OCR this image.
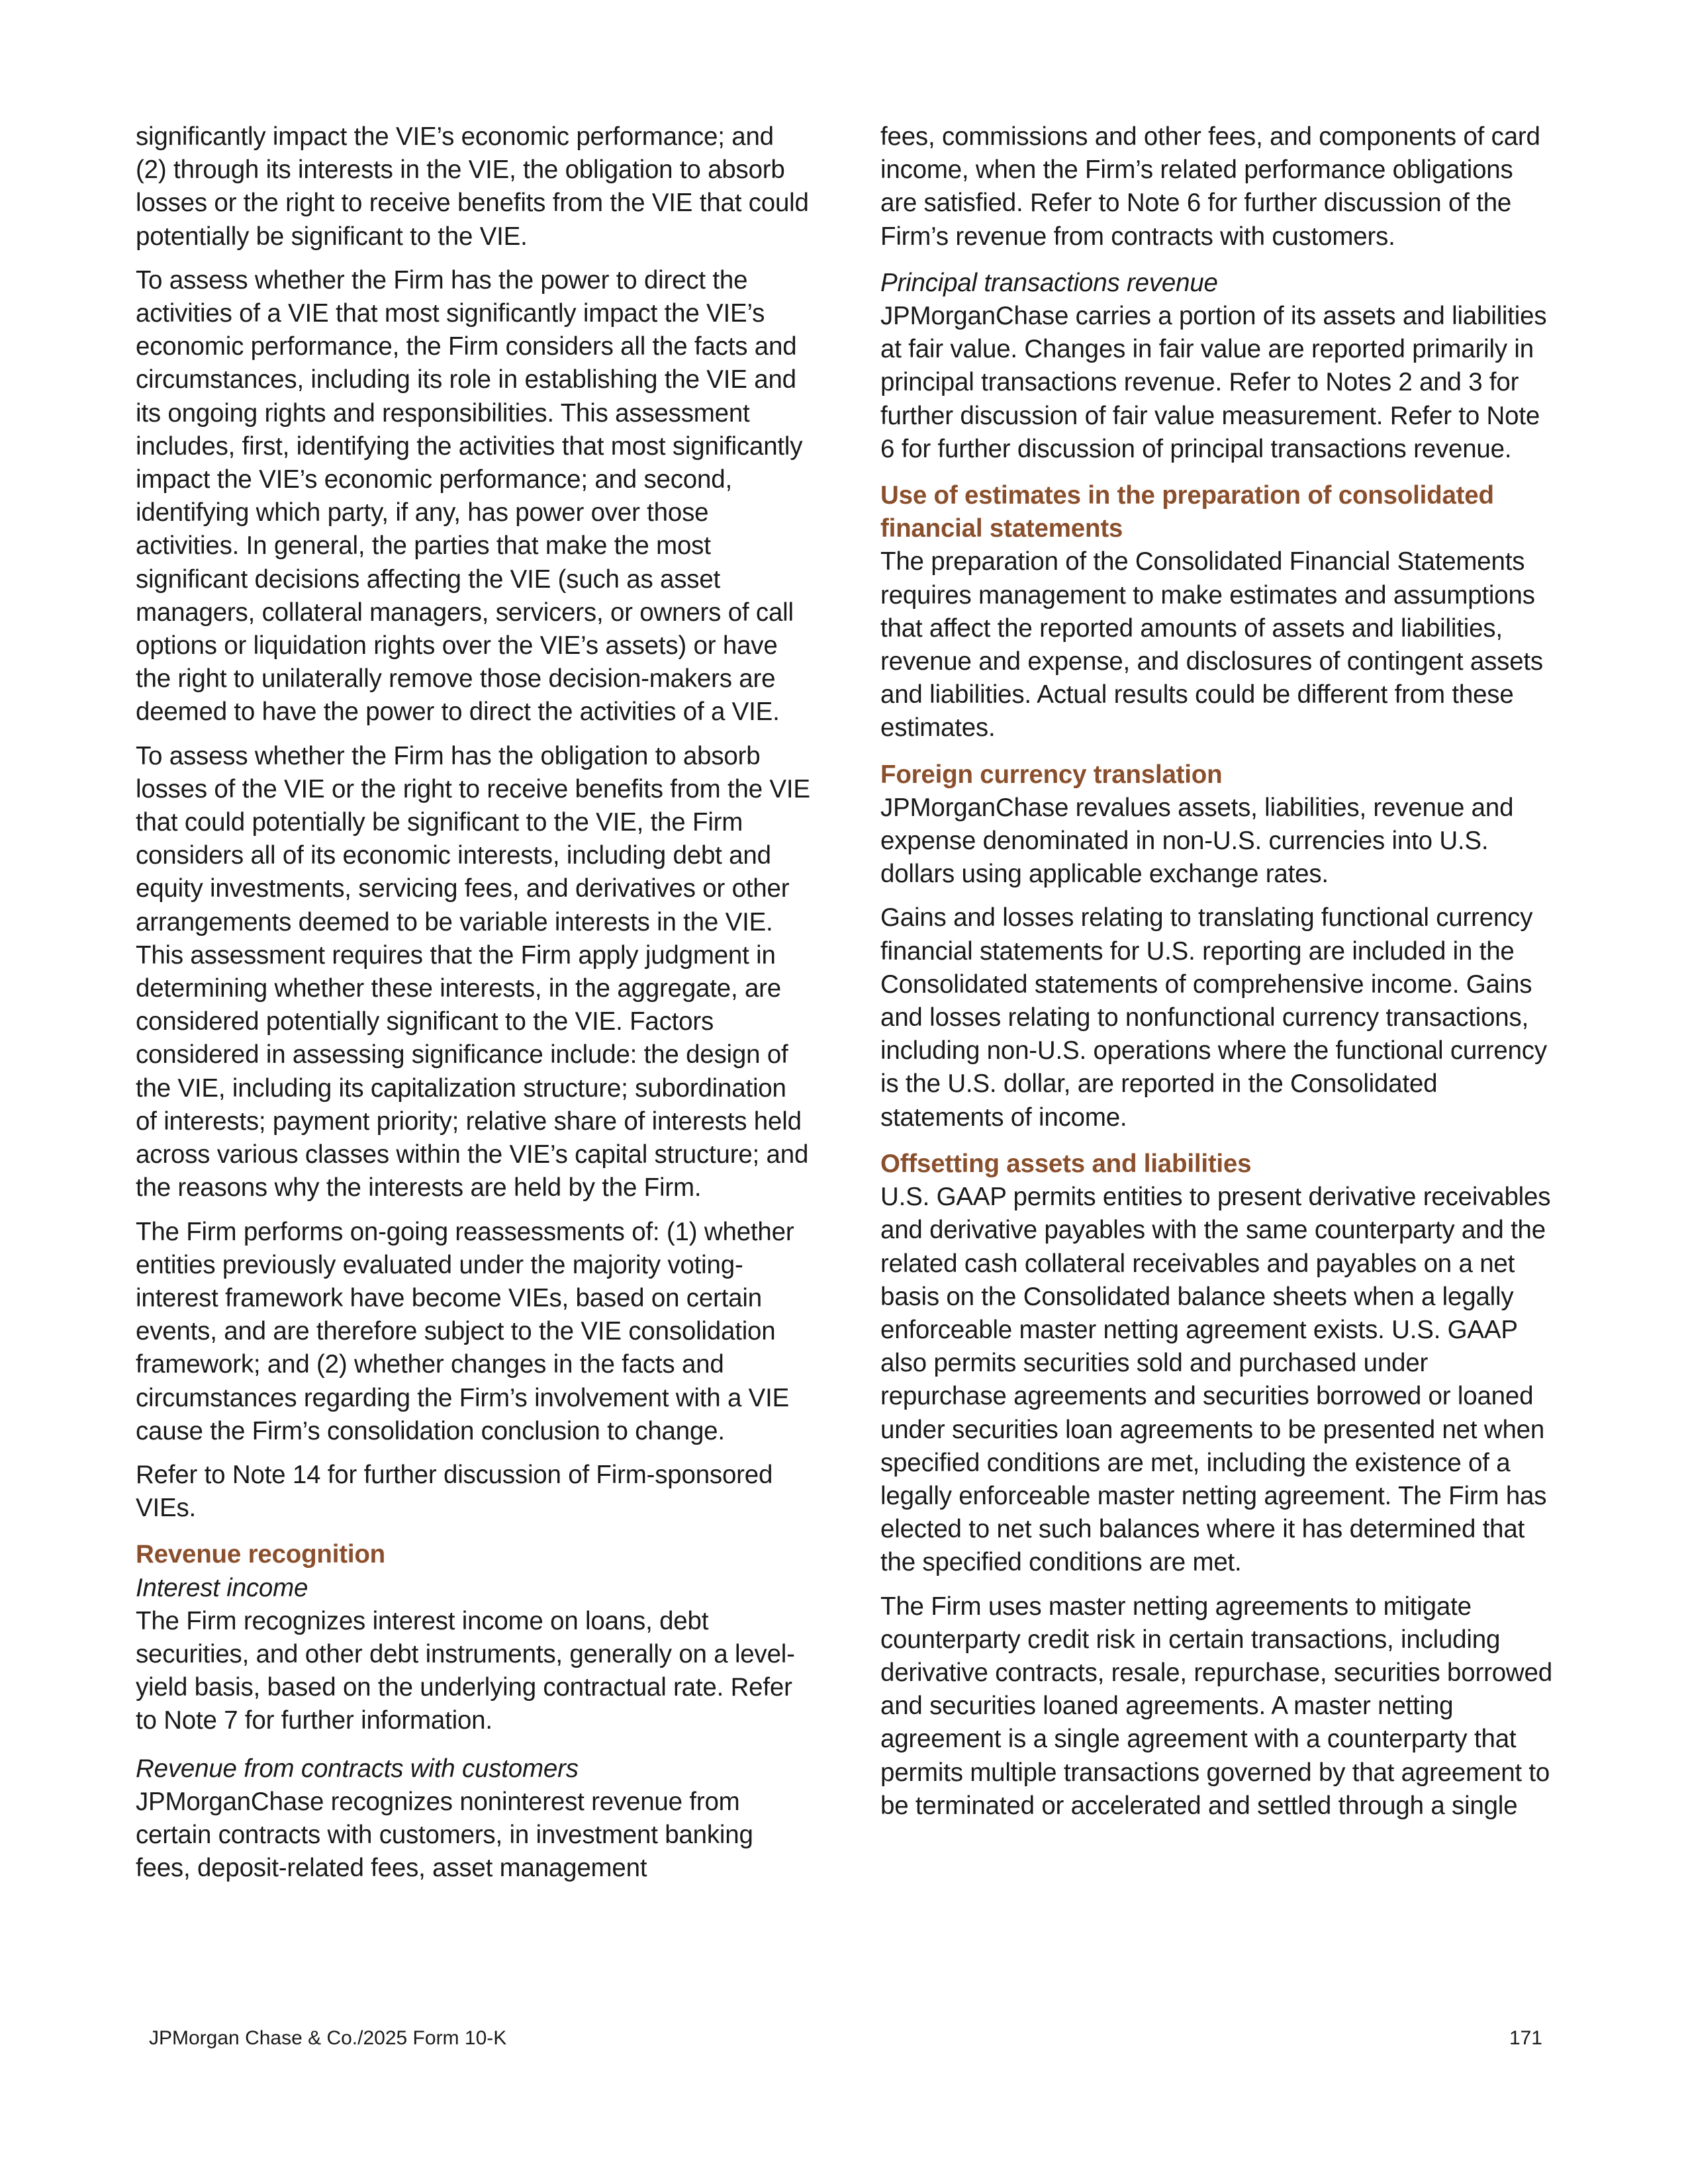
significantly impact the VIE’s economic performance; and (2) through its interests in the VIE, the obligation to absorb losses or the right to receive benefits from the VIE that could potentially be significant to the VIE.

To assess whether the Firm has the power to direct the activities of a VIE that most significantly impact the VIE’s economic performance, the Firm considers all the facts and circumstances, including its role in establishing the VIE and its ongoing rights and responsibilities. This assessment includes, first, identifying the activities that most significantly impact the VIE’s economic performance; and second, identifying which party, if any, has power over those activities. In general, the parties that make the most significant decisions affecting the VIE (such as asset managers, collateral managers, servicers, or owners of call options or liquidation rights over the VIE’s assets) or have the right to unilaterally remove those decision-makers are deemed to have the power to direct the activities of a VIE.

To assess whether the Firm has the obligation to absorb losses of the VIE or the right to receive benefits from the VIE that could potentially be significant to the VIE, the Firm considers all of its economic interests, including debt and equity investments, servicing fees, and derivatives or other arrangements deemed to be variable interests in the VIE. This assessment requires that the Firm apply judgment in determining whether these interests, in the aggregate, are considered potentially significant to the VIE. Factors considered in assessing significance include: the design of the VIE, including its capitalization structure; subordination of interests; payment priority; relative share of interests held across various classes within the VIE’s capital structure; and the reasons why the interests are held by the Firm.

The Firm performs on-going reassessments of: (1) whether entities previously evaluated under the majority voting-interest framework have become VIEs, based on certain events, and are therefore subject to the VIE consolidation framework; and (2) whether changes in the facts and circumstances regarding the Firm’s involvement with a VIE cause the Firm’s consolidation conclusion to change.

Refer to Note 14 for further discussion of Firm-sponsored VIEs.

Revenue recognition

Interest income

The Firm recognizes interest income on loans, debt securities, and other debt instruments, generally on a level-yield basis, based on the underlying contractual rate. Refer to Note 7 for further information.

Revenue from contracts with customers

JPMorganChase recognizes noninterest revenue from certain contracts with customers, in investment banking fees, deposit-related fees, asset management

fees, commissions and other fees, and components of card income, when the Firm’s related performance obligations are satisfied. Refer to Note 6 for further discussion of the Firm’s revenue from contracts with customers.

Principal transactions revenue

JPMorganChase carries a portion of its assets and liabilities at fair value. Changes in fair value are reported primarily in principal transactions revenue. Refer to Notes 2 and 3 for further discussion of fair value measurement. Refer to Note 6 for further discussion of principal transactions revenue.

Use of estimates in the preparation of consolidated financial statements

The preparation of the Consolidated Financial Statements requires management to make estimates and assumptions that affect the reported amounts of assets and liabilities, revenue and expense, and disclosures of contingent assets and liabilities. Actual results could be different from these estimates.

Foreign currency translation

JPMorganChase revalues assets, liabilities, revenue and expense denominated in non-U.S. currencies into U.S. dollars using applicable exchange rates.

Gains and losses relating to translating functional currency financial statements for U.S. reporting are included in the Consolidated statements of comprehensive income. Gains and losses relating to nonfunctional currency transactions, including non-U.S. operations where the functional currency is the U.S. dollar, are reported in the Consolidated statements of income.

Offsetting assets and liabilities

U.S. GAAP permits entities to present derivative receivables and derivative payables with the same counterparty and the related cash collateral receivables and payables on a net basis on the Consolidated balance sheets when a legally enforceable master netting agreement exists. U.S. GAAP also permits securities sold and purchased under repurchase agreements and securities borrowed or loaned under securities loan agreements to be presented net when specified conditions are met, including the existence of a legally enforceable master netting agreement. The Firm has elected to net such balances where it has determined that the specified conditions are met.

The Firm uses master netting agreements to mitigate counterparty credit risk in certain transactions, including derivative contracts, resale, repurchase, securities borrowed and securities loaned agreements. A master netting agreement is a single agreement with a counterparty that permits multiple transactions governed by that agreement to be terminated or accelerated and settled through a single

JPMorgan Chase & Co./2025 Form 10-K	171
